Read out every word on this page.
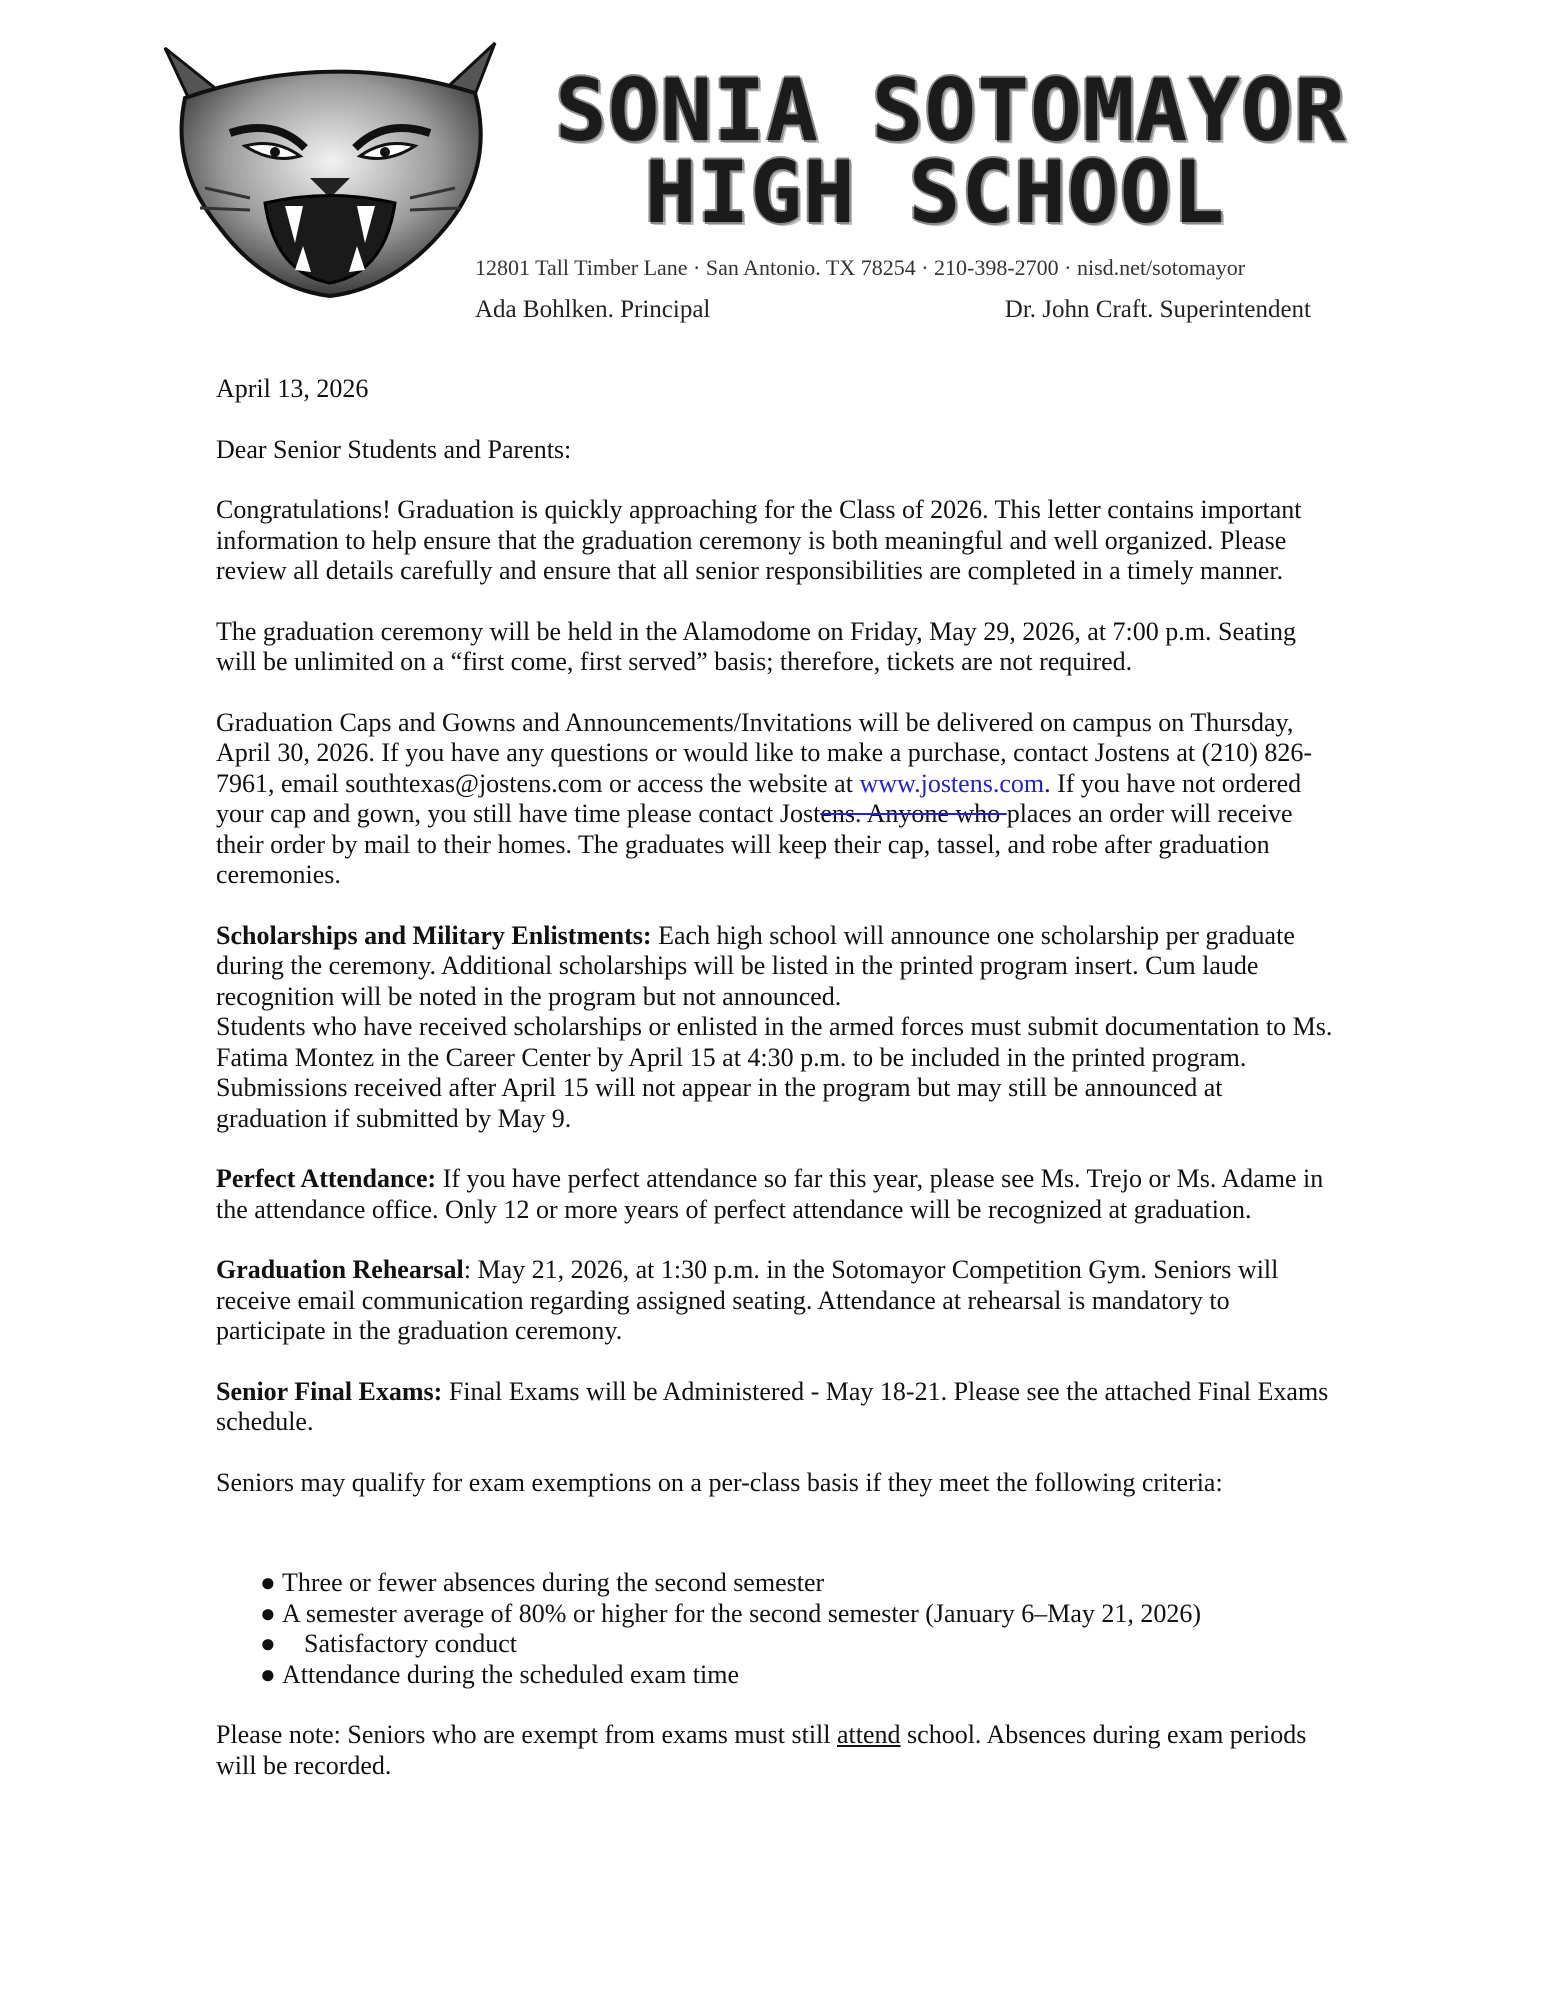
SONIA SOTOMAYOR
HIGH SCHOOL
12801 Tall Timber Lane · San Antonio. TX 78254 · 210-398-2700 · nisd.net/sotomayor
Ada Bohlken. Principal	Dr. John Craft. Superintendent

April 13, 2026

Dear Senior Students and Parents:

Congratulations! Graduation is quickly approaching for the Class of 2026. This letter contains important information to help ensure that the graduation ceremony is both meaningful and well organized. Please review all details carefully and ensure that all senior responsibilities are completed in a timely manner.

The graduation ceremony will be held in the Alamodome on Friday, May 29, 2026, at 7:00 p.m. Seating will be unlimited on a “first come, first served” basis; therefore, tickets are not required.

Graduation Caps and Gowns and Announcements/Invitations will be delivered on campus on Thursday, April 30, 2026. If you have any questions or would like to make a purchase, contact Jostens at (210) 826-7961, email southtexas@jostens.com or access the website at www.jostens.com. If you have not ordered your cap and gown, you still have time please contact Jostens. Anyone who places an order will receive their order by mail to their homes. The graduates will keep their cap, tassel, and robe after graduation ceremonies.

Scholarships and Military Enlistments: Each high school will announce one scholarship per graduate during the ceremony. Additional scholarships will be listed in the printed program insert. Cum laude recognition will be noted in the program but not announced.
Students who have received scholarships or enlisted in the armed forces must submit documentation to Ms. Fatima Montez in the Career Center by April 15 at 4:30 p.m. to be included in the printed program. Submissions received after April 15 will not appear in the program but may still be announced at graduation if submitted by May 9.

Perfect Attendance: If you have perfect attendance so far this year, please see Ms. Trejo or Ms. Adame in the attendance office. Only 12 or more years of perfect attendance will be recognized at graduation.

Graduation Rehearsal: May 21, 2026, at 1:30 p.m. in the Sotomayor Competition Gym. Seniors will receive email communication regarding assigned seating. Attendance at rehearsal is mandatory to participate in the graduation ceremony.

Senior Final Exams: Final Exams will be Administered - May 18-21. Please see the attached Final Exams schedule.

Seniors may qualify for exam exemptions on a per-class basis if they meet the following criteria:

● Three or fewer absences during the second semester
● A semester average of 80% or higher for the second semester (January 6–May 21, 2026)
● Satisfactory conduct
● Attendance during the scheduled exam time

Please note: Seniors who are exempt from exams must still attend school. Absences during exam periods will be recorded.
